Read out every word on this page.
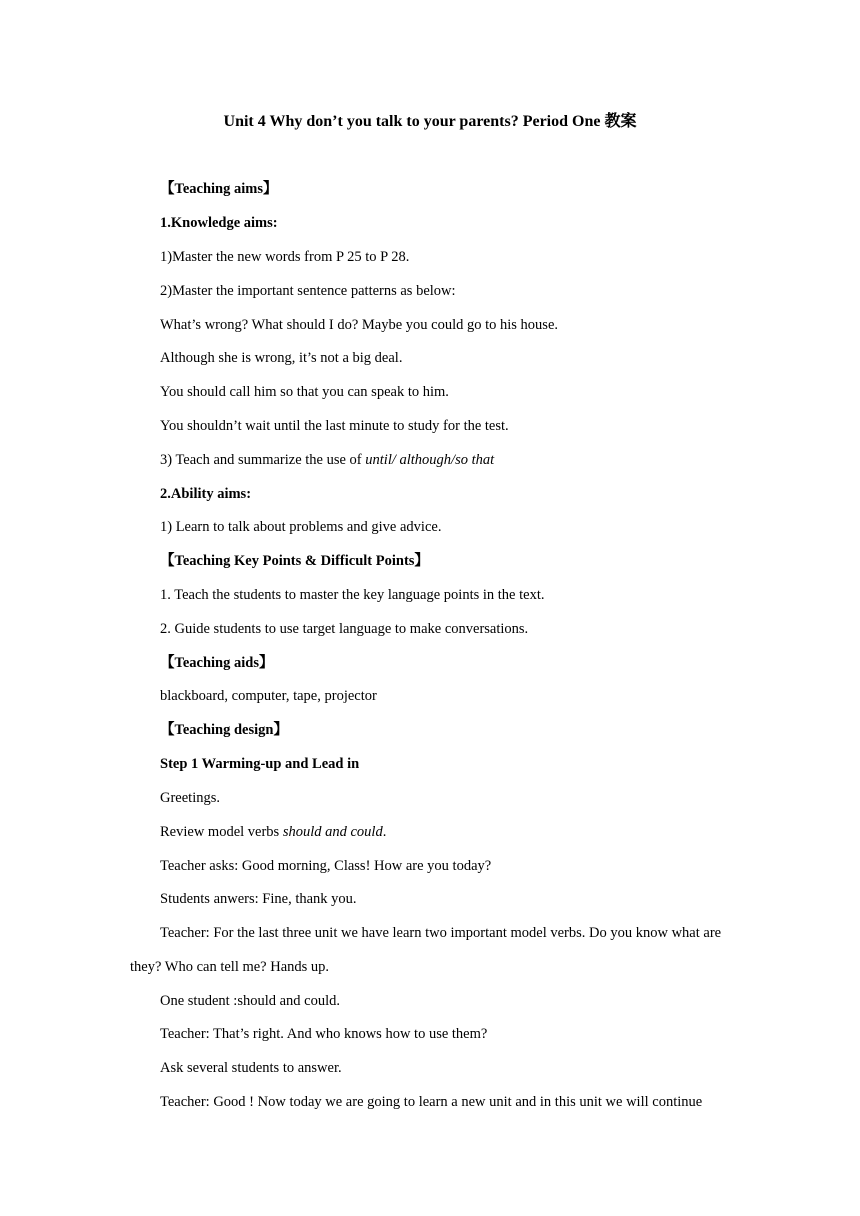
Unit 4 Why don’t you talk to your parents? Period One 教案
【Teaching aims】
1.Knowledge aims:
1)Master the new words from P 25 to P 28.
2)Master the important sentence patterns as below:
What’s wrong? What should I do? Maybe you could go to his house.
Although she is wrong, it’s not a big deal.
You should call him so that you can speak to him.
You shouldn’t wait until the last minute to study for the test.
3) Teach and summarize the use of until/ although/so that
2.Ability aims:
1) Learn to talk about problems and give advice.
【Teaching Key Points & Difficult Points】
1. Teach the students to master the key language points in the text.
2. Guide students to use target language to make conversations.
【Teaching aids】
blackboard, computer, tape, projector
【Teaching design】
Step 1 Warming-up and Lead in
Greetings.
Review model verbs should and could.
Teacher asks: Good morning, Class! How are you today?
Students anwers: Fine, thank you.
Teacher: For the last three unit we have learn two important model verbs. Do you know what are they? Who can tell me? Hands up.
One student :should and could.
Teacher: That’s right. And who knows how to use them?
Ask several students to answer.
Teacher: Good ! Now today we are going to learn a new unit and in this unit we will continue
